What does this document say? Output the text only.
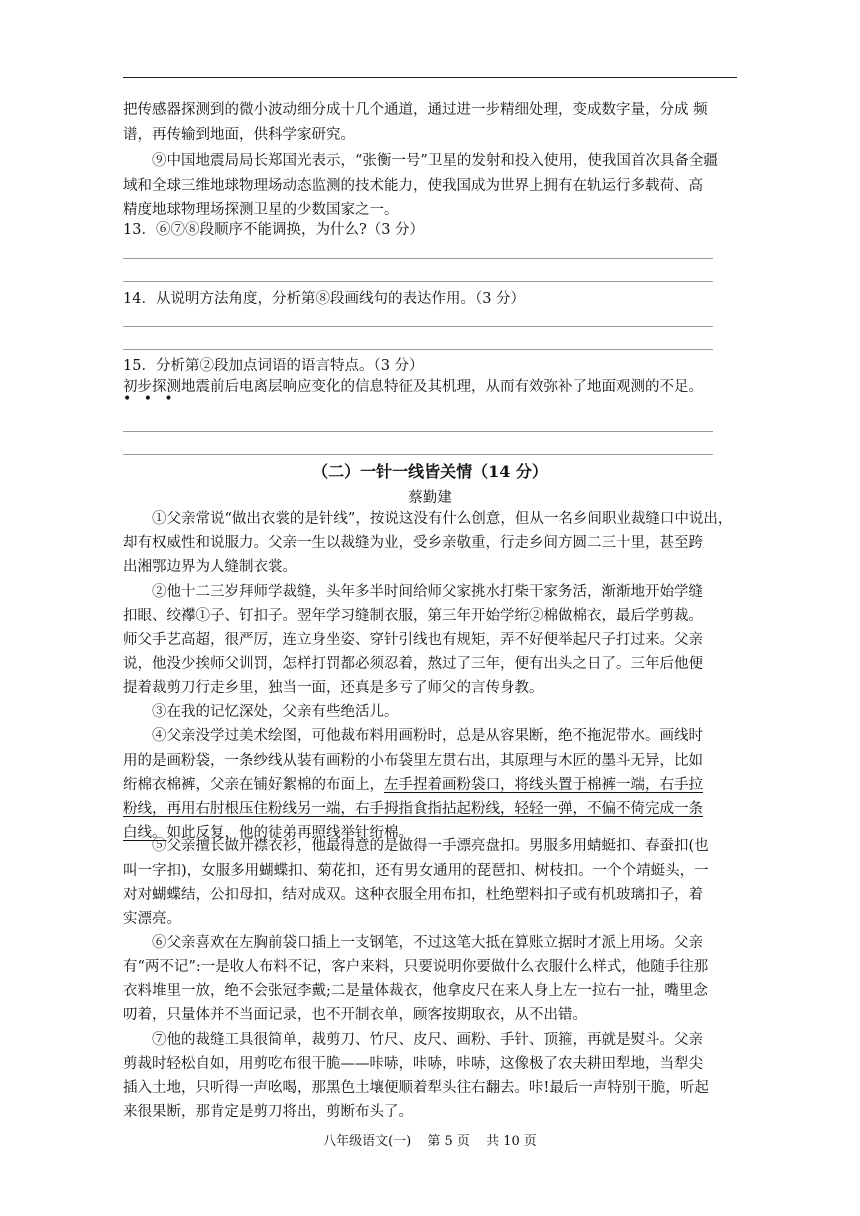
把传感器探测到的微小波动细分成十几个通道，通过进一步精细处理，变成数字量，分成 频
谱，再传输到地面，供科学家研究。
⑨中国地震局局长郑国光表示，“张衡一号”卫星的发射和投入使用，使我国首次具备全疆
域和全球三维地球物理场动态监测的技术能力，使我国成为世界上拥有在轨运行多载荷、高
精度地球物理场探测卫星的少数国家之一。
13．⑥⑦⑧段顺序不能调换，为什么?（3 分）
14．从说明方法角度，分析第⑧段画线句的表达作用。（3 分）
15．分析第②段加点词语的语言特点。（3 分）
初步探测地震前后电离层响应变化的信息特征及其机理，从而有效弥补了地面观测的不足。
• • •
（二）一针一线皆关情（14 分）
蔡勤建
①父亲常说“做出衣裳的是针线”，按说这没有什么创意，但从一名乡间职业裁缝口中说出，
却有权威性和说服力。父亲一生以裁缝为业，受乡亲敬重，行走乡间方圆二三十里，甚至跨
出湘鄂边界为人缝制衣裳。
②他十二三岁拜师学裁缝，头年多半时间给师父家挑水打柴干家务活，渐渐地开始学缝
扣眼、绞襻①子、钉扣子。翌年学习缝制衣服，第三年开始学绗②棉做棉衣，最后学剪裁。
师父手艺高超，很严厉，连立身坐姿、穿针引线也有规矩，弄不好便举起尺子打过来。父亲
说，他没少挨师父训罚，怎样打罚都必须忍着，熬过了三年，便有出头之日了。三年后他便
提着裁剪刀行走乡里，独当一面，还真是多亏了师父的言传身教。
③在我的记忆深处，父亲有些绝活儿。
④父亲没学过美术绘图，可他裁布料用画粉时，总是从容果断，绝不拖泥带水。画线时
用的是画粉袋，一条纱线从装有画粉的小布袋里左贯右出，其原理与木匠的墨斗无异，比如
绗棉衣棉裤，父亲在铺好絮棉的布面上，左手捏着画粉袋口，将线头置于棉裤一端，右手拉
粉线，再用右肘根压住粉线另一端，右手拇指食指拈起粉线，轻轻一弹，不偏不倚完成一条
白线。如此反复，他的徒弟再照线举针绗棉。
⑤父亲擅长做开襟衣衫，他最得意的是做得一手漂亮盘扣。男服多用蜻蜓扣、春蚕扣(也
叫一字扣)，女服多用蝴蝶扣、菊花扣，还有男女通用的琵琶扣、树枝扣。一个个靖蜓头，一
对对蝴蝶结，公扣母扣，结对成双。这种衣服全用布扣，杜绝塑料扣子或有机玻璃扣子，着
实漂亮。
⑥父亲喜欢在左胸前袋口插上一支钢笔，不过这笔大抵在算账立据时才派上用场。父亲
有“两不记”:一是收人布料不记，客户来料，只要说明你要做什么衣服什么样式，他随手往那
衣料堆里一放，绝不会张冠李戴;二是量体裁衣，他拿皮尺在来人身上左一拉右一扯，嘴里念
叨着，只量体并不当面记录，也不开制衣单，顾客按期取衣，从不出错。
⑦他的裁缝工具很简单，裁剪刀、竹尺、皮尺、画粉、手针、顶箍，再就是熨斗。父亲
剪裁时轻松自如，用剪吃布很干脆——咔哧，咔哧，咔哧，这像极了农夫耕田犁地，当犁尖
插入土地，只听得一声吆喝，那黑色土壤便顺着犁头往右翻去。咔!最后一声特别干脆，听起
来很果断，那肯定是剪刀将出，剪断布头了。
八年级语文(一) 第 5 页 共 10 页
